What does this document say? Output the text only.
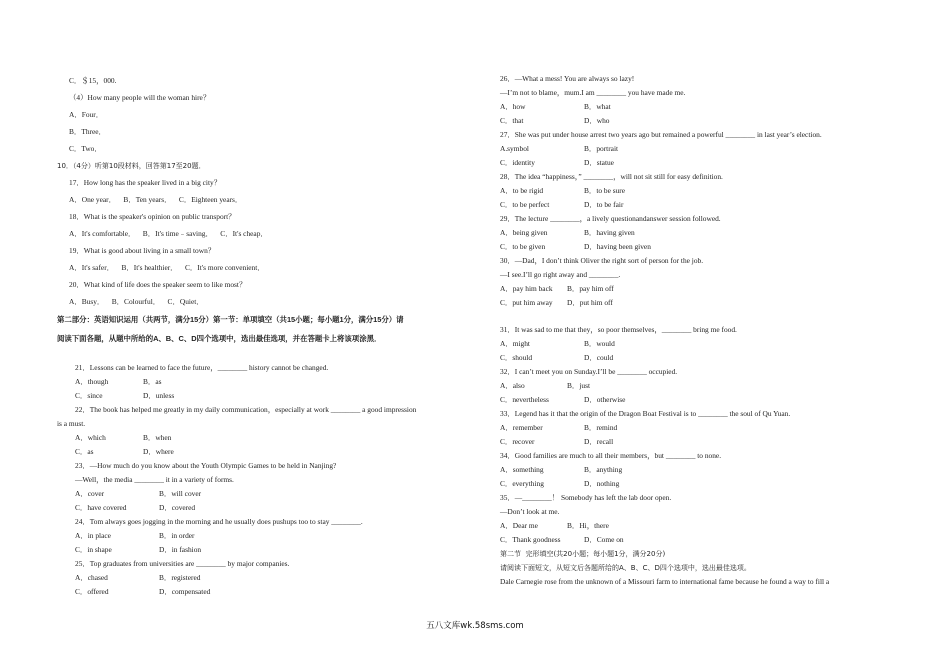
C．＄15，000.
（4）How many people will the woman hire？
A．Four．
B．Three．
C．Two．
10．（4分）听第10段材料，回答第17至20题．
17．How long has the speaker lived in a big city？
A．One year．    B．Ten years．    C．Eighteen years．
18．What is the speaker's opinion on public transport？
A．It's comfortable．    B．It's time﹣saving．    C．It's cheap．
19．What is good about living in a small town？
A．It's safer．    B．It's healthier．    C．It's more convenient．
20．What kind of life does the speaker seem to like most？
A．Busy．    B．Colourful．    C．Quiet．
第二部分：英语知识运用（共两节，满分15分）第一节：单项填空（共15小题；每小题1分，满分15分）请
阅读下面各题，从题中所给的A、B、C、D四个选项中，选出最佳选项，并在答题卡上将该项涂黑．
21．Lessons can be learned to face the future，________ history cannot be changed.
22．The book has helped me greatly in my daily communication，especially at work ________ a good impression
is a must.
23．—How much do you know about the Youth Olympic Games to be held in Nanjing?
—Well，the media ________ it in a variety of forms.
24．Tom always goes jogging in the morning and he usually does pushups too to stay ________.
25．Top graduates from universities are ________ by major companies.
A．though	B．as
C．since	D．unless
A．which	B．when
C．as	D．where
A．cover	B．will cover
C．have covered	D．covered
A．in place	B．in order
C．in shape	D．in fashion
A．chased	B．registered
C．offered	D．compensated
26．—What a mess! You are always so lazy!
—I’m not to blame，mum.I am ________ you have made me.
27．She was put under house arrest two years ago but remained a powerful ________ in last year’s election.
28．The idea “happiness，” ________，will not sit still for easy definition.
29．The lecture ________，a lively questionandanswer session followed.
30．—Dad，I don’t think Oliver the right sort of person for the job.
—I see.I’ll go right away and ________.
31．It was sad to me that they，so poor themselves，________ bring me food.
32．I can’t meet you on Sunday.I’ll be ________ occupied.
33．Legend has it that the origin of the Dragon Boat Festival is to ________ the soul of Qu Yuan.
34．Good families are much to all their members，but ________ to none.
35．—________！ Somebody has left the lab door open.
—Don’t look at me.
第二节  完形填空(共20小题；每小题1分，满分20分)
请阅读下面短文，从短文后各题所给的A、B、C、D四个选项中，选出最佳选项。
Dale Carnegie rose from the unknown of a Missouri farm to international fame because he found a way to fill a
A．how	B．what
C．that	D．who
A.symbol	B．portrait
C．identity	D．statue
A．to be rigid	B．to be sure
C．to be perfect	D．to be fair
A．being given	B．having given
C．to be given	D．having been given
A．pay him back B．pay him off
C．put him away D．put him off
A．might	B．would
C．should	D．could
A．also	B．just
C．nevertheless	D．otherwise
A．remember	B．remind
C．recover	D．recall
A．something	B．anything
C．everything	D．nothing
A．Dear me	B．Hi，there
C．Thank goodness	D．Come on
五八文库wk.58sms.com
